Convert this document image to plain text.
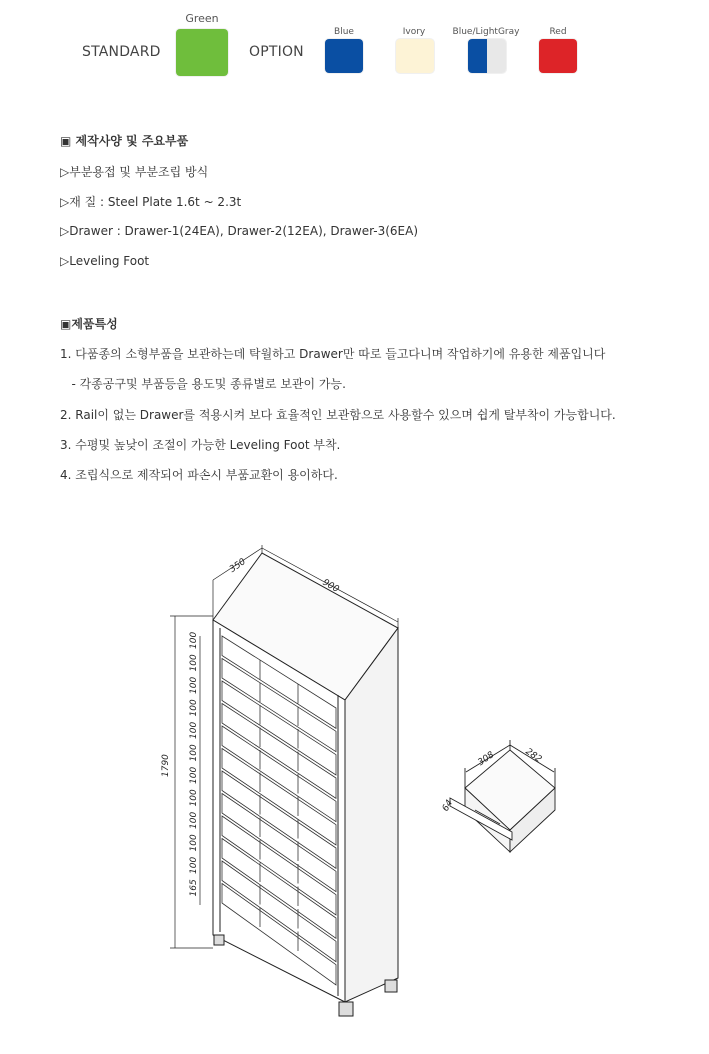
STANDARD
Green
OPTION
Blue	Ivory	Blue/LightGray	Red
▣ 제작사양 및 주요부품
▷부분용접 및 부분조립 방식
▷재 질 : Steel Plate 1.6t ~ 2.3t
▷Drawer : Drawer-1(24EA), Drawer-2(12EA), Drawer-3(6EA)
▷Leveling Foot
▣제품특성
1. 다품종의 소형부품을 보관하는데 탁월하고 Drawer만 따로 들고다니며 작업하기에 유용한 제품입니다
- 각종공구및 부품등을 용도및 종류별로 보관이 가능.
2. Rail이 없는 Drawer를 적용시켜 보다 효율적인 보관함으로 사용할수 있으며 쉽게 탈부착이 가능합니다.
3. 수평및 높낮이 조절이 가능한 Leveling Foot 부착.
4. 조립식으로 제작되어 파손시 부품교환이 용이하다.
350
900
1790
100
100
100
100
100
100
100
100
100
100
100
165
308	282
64
